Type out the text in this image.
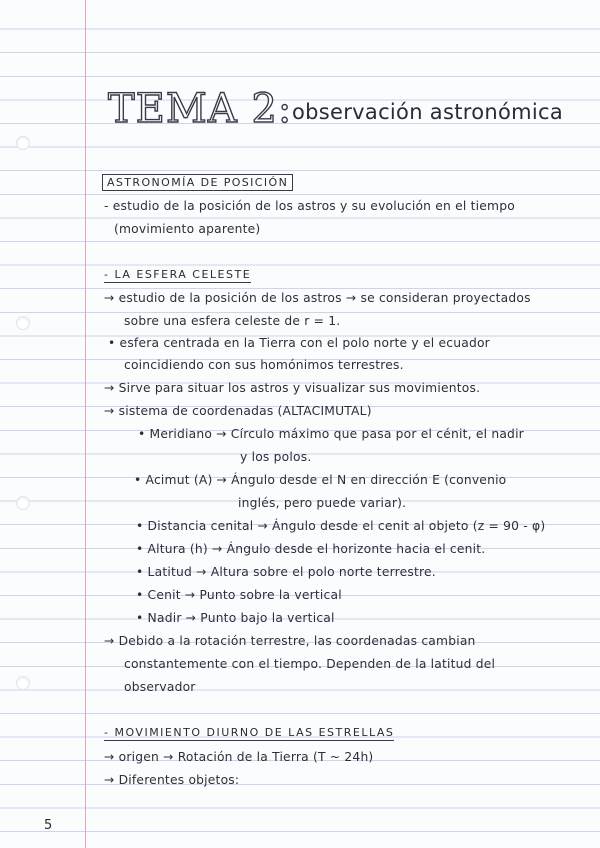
TEMA 2: observación astronómica
ASTRONOMÍA DE POSICIÓN
- estudio de la posición de los astros y su evolución en el tiempo
(movimiento aparente)
- LA ESFERA CELESTE
→ estudio de la posición de los astros → se consideran proyectados
sobre una esfera celeste de r = 1.
• esfera centrada en la Tierra con el polo norte y el ecuador
coincidiendo con sus homónimos terrestres.
→ Sirve para situar los astros y visualizar sus movimientos.
→ sistema de coordenadas (ALTACIMUTAL)
• Meridiano → Círculo máximo que pasa por el cénit, el nadir
y los polos.
• Acimut (A) → Ángulo desde el N en dirección E (convenio
inglés, pero puede variar).
• Distancia cenital → Ángulo desde el cenit al objeto (z = 90 - φ)
• Altura (h) → Ángulo desde el horizonte hacia el cenit.
• Latitud → Altura sobre el polo norte terrestre.
• Cenit → Punto sobre la vertical
• Nadir → Punto bajo la vertical
→ Debido a la rotación terrestre, las coordenadas cambian
constantemente con el tiempo. Dependen de la latitud del
observador
- MOVIMIENTO DIURNO DE LAS ESTRELLAS
→ origen → Rotación de la Tierra (T ~ 24h)
→ Diferentes objetos:
5
